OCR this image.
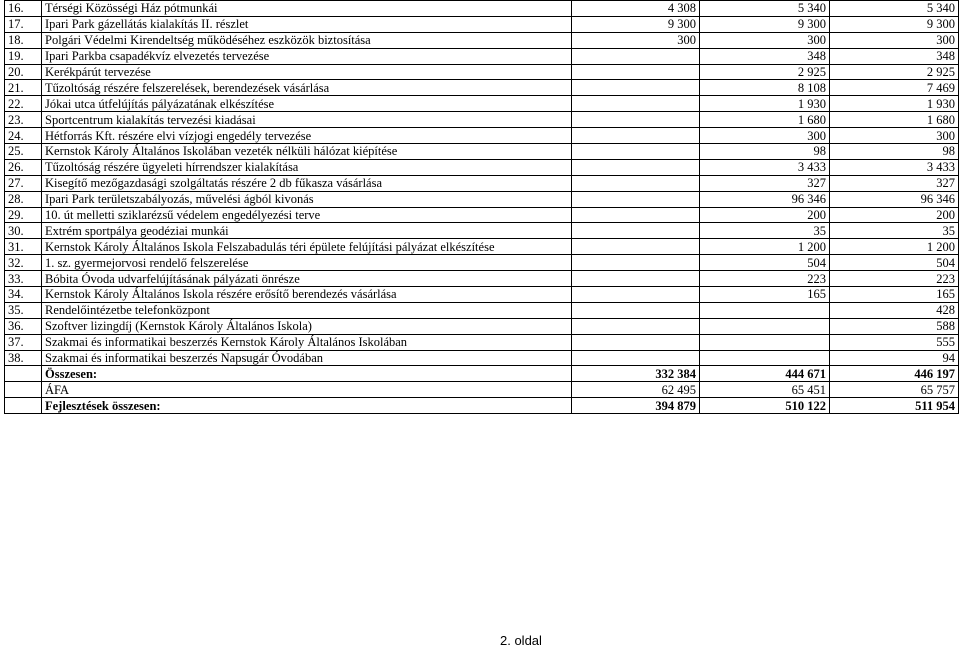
16.	Térségi Közösségi Ház pótmunkái	4 308	5 340	5 340
17.	Ipari Park gázellátás kialakítás II. részlet	9 300	9 300	9 300
18.	Polgári Védelmi Kirendeltség működéséhez eszközök biztosítása	300	300	300
19.	Ipari Parkba csapadékvíz elvezetés tervezése		348	348
20.	Kerékpárút tervezése		2 925	2 925
21.	Tűzoltóság részére felszerelések, berendezések vásárlása		8 108	7 469
22.	Jókai utca útfelújítás pályázatának elkészítése		1 930	1 930
23.	Sportcentrum kialakítás tervezési kiadásai		1 680	1 680
24.	Hétforrás Kft. részére elvi vízjogi engedély tervezése		300	300
25.	Kernstok Károly Általános Iskolában vezeték nélküli hálózat kiépítése		98	98
26.	Tűzoltóság részére ügyeleti hírrendszer kialakítása		3 433	3 433
27.	Kisegítő mezőgazdasági szolgáltatás részére 2 db fűkasza vásárlása		327	327
28.	Ipari Park területszabályozás, művelési ágból kivonás		96 346	96 346
29.	10. út melletti sziklarézsű védelem engedélyezési terve		200	200
30.	Extrém sportpálya geodéziai munkái		35	35
31.	Kernstok Károly Általános Iskola Felszabadulás téri épülete felújítási pályázat elkészítése		1 200	1 200
32.	1. sz. gyermejorvosi rendelő felszerelése		504	504
33.	Bóbita Óvoda udvarfelújításának pályázati önrésze		223	223
34.	Kernstok Károly Általános Iskola részére erősítő berendezés vásárlása		165	165
35.	Rendelőintézetbe telefonközpont			428
36.	Szoftver lizingdíj (Kernstok Károly Általános Iskola)			588
37.	Szakmai és informatikai beszerzés Kernstok Károly Általános Iskolában			555
38.	Szakmai és informatikai beszerzés Napsugár Óvodában			94
	Összesen:	332 384	444 671	446 197
	ÁFA	62 495	65 451	65 757
	Fejlesztések összesen:	394 879	510 122	511 954
2. oldal
